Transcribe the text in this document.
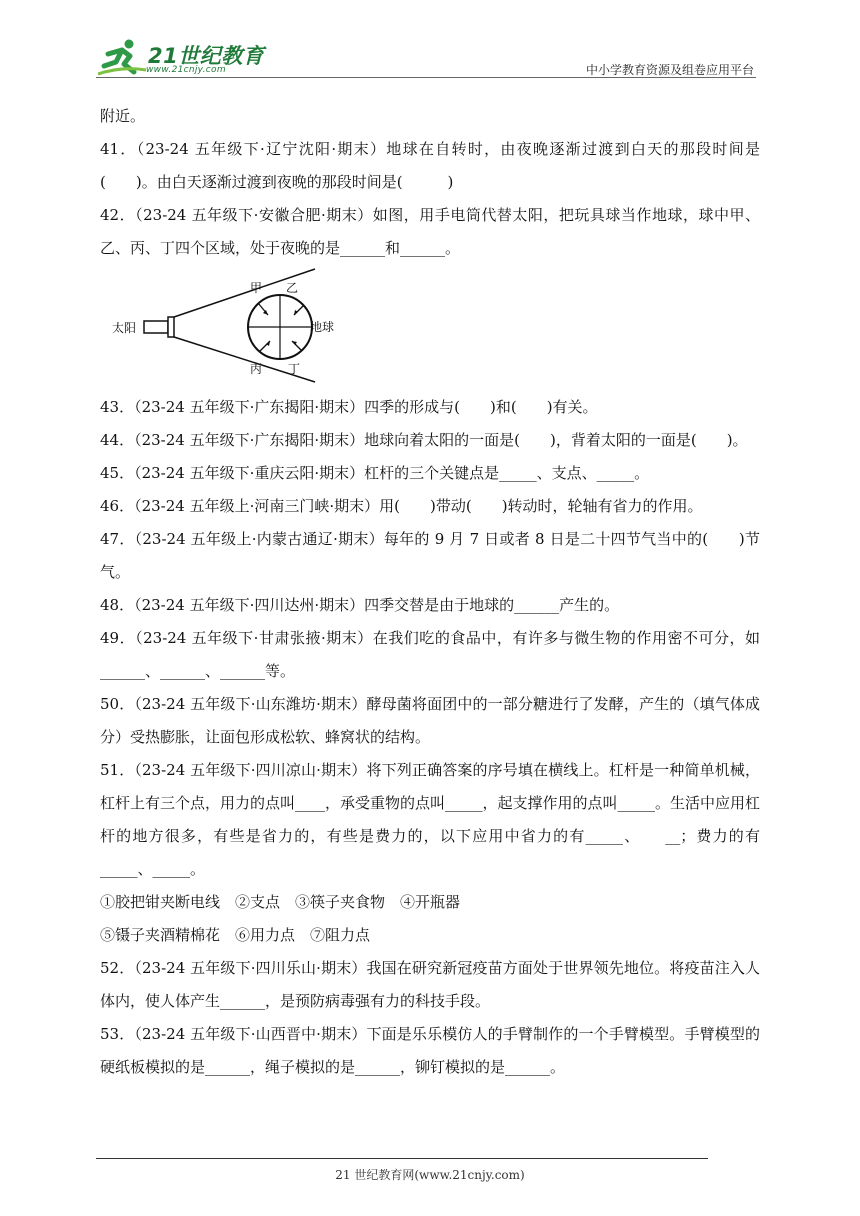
21世纪教育
www.21cnjy.com	中小学教育资源及组卷应用平台

附近。

41．（23-24 五年级下·辽宁沈阳·期末）地球在自转时，由夜晚逐渐过渡到白天的那段时间是(　　)。由白天逐渐过渡到夜晚的那段时间是(　　　)

42．（23-24 五年级下·安徽合肥·期末）如图，用手电筒代替太阳，把玩具球当作地球，球中甲、乙、丙、丁四个区域，处于夜晚的是______和______。

太阳	地球
甲 乙
丙 丁

43．（23-24 五年级下·广东揭阳·期末）四季的形成与(　　)和(　　)有关。

44．（23-24 五年级下·广东揭阳·期末）地球向着太阳的一面是(　　)，背着太阳的一面是(　　)。

45．（23-24 五年级下·重庆云阳·期末）杠杆的三个关键点是_____、支点、_____。

46．（23-24 五年级上·河南三门峡·期末）用(　　)带动(　　)转动时，轮轴有省力的作用。

47．（23-24 五年级上·内蒙古通辽·期末）每年的 9 月 7 日或者 8 日是二十四节气当中的(　　)节气。

48．（23-24 五年级下·四川达州·期末）四季交替是由于地球的______产生的。

49．（23-24 五年级下·甘肃张掖·期末）在我们吃的食品中，有许多与微生物的作用密不可分，如______、______、______等。

50．（23-24 五年级下·山东潍坊·期末）酵母菌将面团中的一部分糖进行了发酵，产生的（填气体成分）受热膨胀，让面包形成松软、蜂窝状的结构。

51．（23-24 五年级下·四川凉山·期末）将下列正确答案的序号填在横线上。杠杆是一种简单机械，杠杆上有三个点，用力的点叫____，承受重物的点叫_____，起支撑作用的点叫_____。生活中应用杠杆的地方很多，有些是省力的，有些是费力的，以下应用中省力的有_____、　　__；费力的有_____、_____。

①胶把钳夹断电线　②支点　③筷子夹食物　④开瓶器

⑤镊子夹酒精棉花　⑥用力点　⑦阻力点

52．（23-24 五年级下·四川乐山·期末）我国在研究新冠疫苗方面处于世界领先地位。将疫苗注入人体内，使人体产生______，是预防病毒强有力的科技手段。

53．（23-24 五年级下·山西晋中·期末）下面是乐乐模仿人的手臂制作的一个手臂模型。手臂模型的硬纸板模拟的是______，绳子模拟的是______，铆钉模拟的是______。

21 世纪教育网(www.21cnjy.com)
